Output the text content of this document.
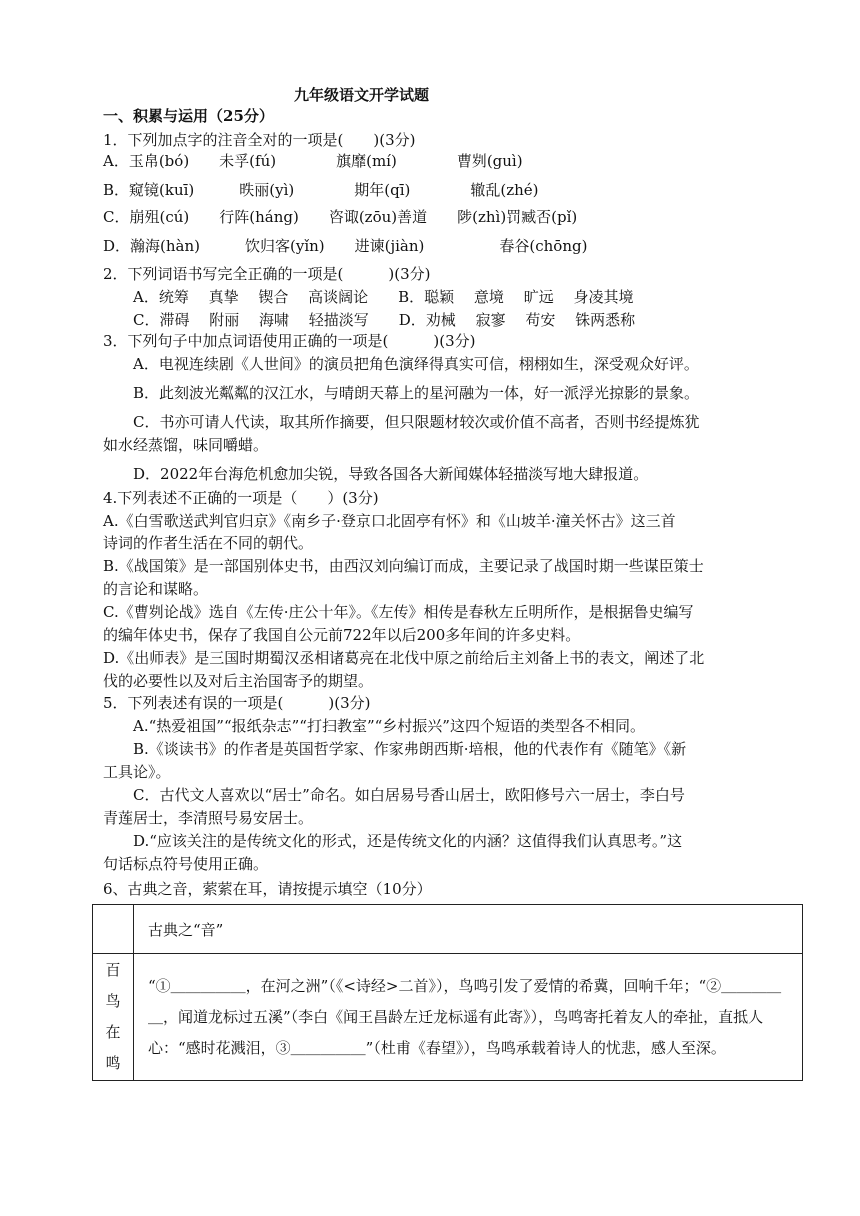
九年级语文开学试题
一、积累与运用（25分）
1．下列加点字的注音全对的一项是(　　)(3分)
A．玉帛(bó)　　未孚(fú)　　　　旗靡(mí)　　　　曹刿(guì)
B．窥镜(kuī)　　　昳丽(yì)　　　　期年(qī)　　　　辙乱(zhé)
C．崩殂(cú)　　行阵(háng)　　咨诹(zōu)善道　　陟(zhì)罚臧否(pǐ)
D．瀚海(hàn)　　　饮归客(yǐn)　　进谏(jiàn)　　　　　春谷(chōng)
2．下列词语书写完全正确的一项是(　　　)(3分)
　　A．统筹　 真挚　 锲合　 高谈阔论　　B．聪颖　 意境　 旷远　 身凌其境
　　C．滞碍　 附丽　 海啸　 轻描淡写　　D．劝械　 寂寥　 苟安　 铢两悉称
3．下列句子中加点词语使用正确的一项是(　　　)(3分)
　　A．电视连续剧《人世间》的演员把角色演绎得真实可信，栩栩如生，深受观众好评。
　　B．此刻波光粼粼的汉江水，与晴朗天幕上的星河融为一体，好一派浮光掠影的景象。
　　C．书亦可请人代读，取其所作摘要，但只限题材较次或价值不高者，否则书经提炼犹
如水经蒸馏，味同嚼蜡。
　　D．2022年台海危机愈加尖锐，导致各国各大新闻媒体轻描淡写地大肆报道。
4.下列表述不正确的一项是（　　）(3分)
A.《白雪歌送武判官归京》《南乡子·登京口北固亭有怀》和《山坡羊·潼关怀古》这三首
诗词的作者生活在不同的朝代。
B.《战国策》是一部国别体史书，由西汉刘向编订而成，主要记录了战国时期一些谋臣策士
的言论和谋略。
C.《曹刿论战》选自《左传·庄公十年》。《左传》相传是春秋左丘明所作，是根据鲁史编写
的编年体史书，保存了我国自公元前722年以后200多年间的许多史料。
D.《出师表》是三国时期蜀汉丞相诸葛亮在北伐中原之前给后主刘备上书的表文，阐述了北
伐的必要性以及对后主治国寄予的期望。
5．下列表述有误的一项是(　　　)(3分)
　　A.“热爱祖国”“报纸杂志”“打扫教室”“乡村振兴”这四个短语的类型各不相同。
　　B.《谈读书》的作者是英国哲学家、作家弗朗西斯·培根，他的代表作有《随笔》《新
工具论》。
　　C．古代文人喜欢以“居士”命名。如白居易号香山居士，欧阳修号六一居士，李白号
青莲居士，李清照号易安居士。
　　D.“应该关注的是传统文化的形式，还是传统文化的内涵？这值得我们认真思考。”这
句话标点符号使用正确。
6、古典之音，萦萦在耳，请按提示填空（10分）
	古典之“音”

百
鸟
在
鸣	“①＿＿＿＿＿，在河之洲”（《<诗经>二首》），鸟鸣引发了爱情的希冀，回响千年；“②＿＿＿＿＿，闻道龙标过五溪”（李白《闻王昌龄左迁龙标遥有此寄》），鸟鸣寄托着友人的牵扯，直抵人心：“感时花溅泪，③＿＿＿＿＿”（杜甫《春望》），鸟鸣承载着诗人的忧悲，感人至深。
